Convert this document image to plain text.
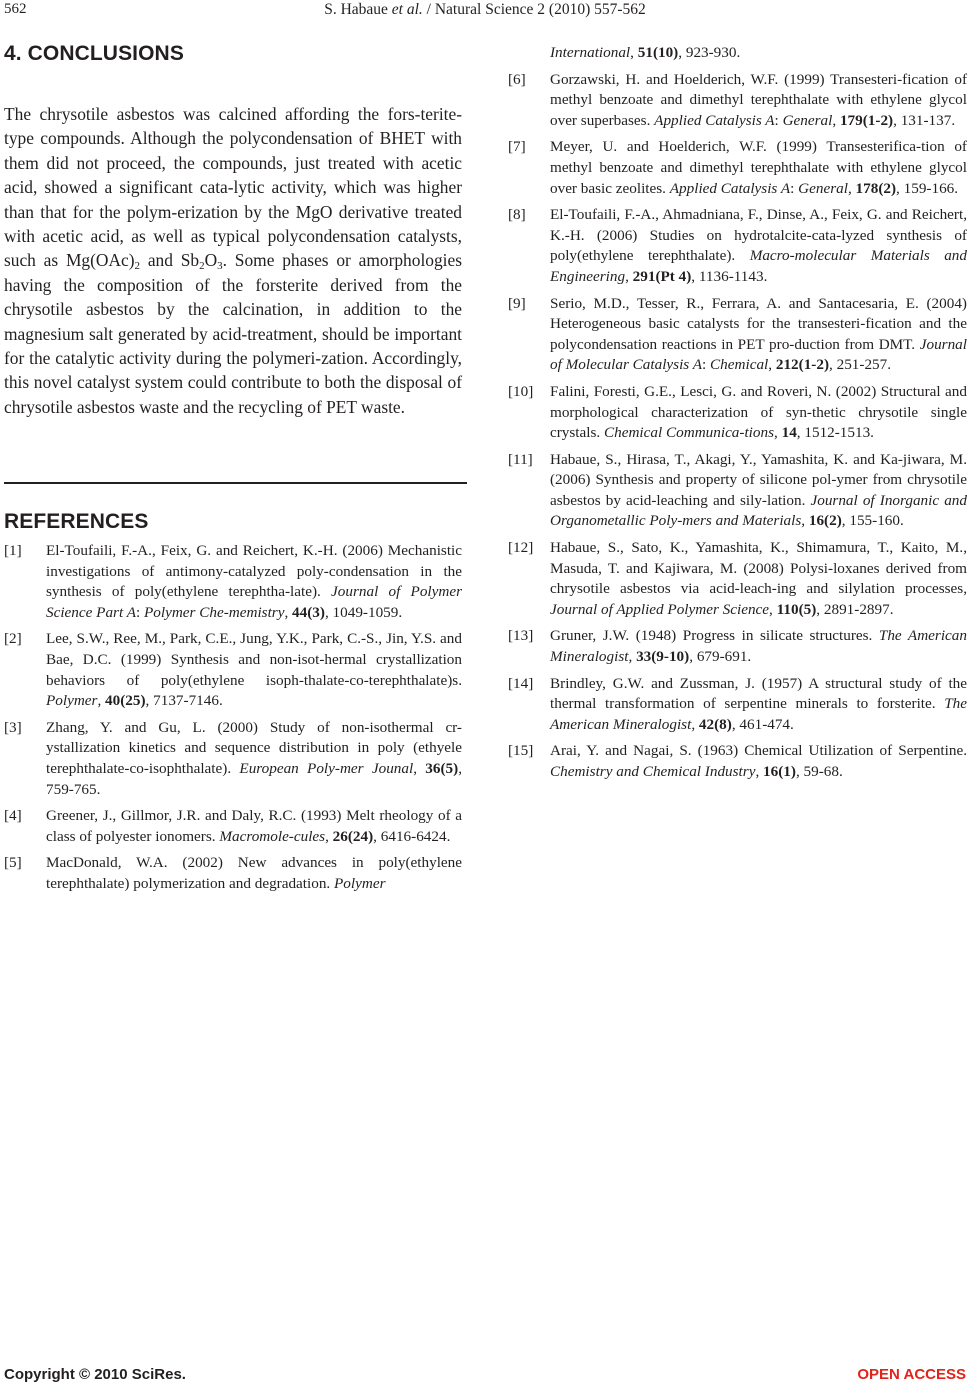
562	S. Habaue et al. / Natural Science 2 (2010) 557-562
4. CONCLUSIONS

The chrysotile asbestos was calcined affording the fors-terite-type compounds. Although the polycondensation of BHET with them did not proceed, the compounds, just treated with acetic acid, showed a significant cata-lytic activity, which was higher than that for the polym-erization by the MgO derivative treated with acetic acid, as well as typical polycondensation catalysts, such as $Mg(OAc)_2$ and $Sb_2O_3$. Some phases or amorphologies having the composition of the forsterite derived from the chrysotile asbestos by the calcination, in addition to the magnesium salt generated by acid-treatment, should be important for the catalytic activity during the polymeri-zation. Accordingly, this novel catalyst system could contribute to both the disposal of chrysotile asbestos waste and the recycling of PET waste.

REFERENCES
[1] El-Toufaili, F.-A., Feix, G. and Reichert, K.-H. (2006) Mechanistic investigations of antimony-catalyzed poly-condensation in the synthesis of poly(ethylene terephtha-late). Journal of Polymer Science Part A: Polymer Che-memistry, 44(3), 1049-1059.
[2] Lee, S.W., Ree, M., Park, C.E., Jung, Y.K., Park, C.-S., Jin, Y.S. and Bae, D.C. (1999) Synthesis and non-isot-hermal crystallization behaviors of poly(ethylene isoph-thalate-co-terephthalate)s. Polymer, 40(25), 7137-7146.
[3] Zhang, Y. and Gu, L. (2000) Study of non-isothermal cr-ystallization kinetics and sequence distribution in poly (ethyele terephthalate-co-isophthalate). European Poly-mer Jounal, 36(5), 759-765.
[4] Greener, J., Gillmor, J.R. and Daly, R.C. (1993) Melt rheology of a class of polyester ionomers. Macromole-cules, 26(24), 6416-6424.
[5] MacDonald, W.A. (2002) New advances in poly(ethylene terephthalate) polymerization and degradation. Polymer
International, 51(10), 923-930.
[6] Gorzawski, H. and Hoelderich, W.F. (1999) Transesteri-fication of methyl benzoate and dimethyl terephthalate with ethylene glycol over superbases. Applied Catalysis A: General, 179(1-2), 131-137.
[7] Meyer, U. and Hoelderich, W.F. (1999) Transesterifica-tion of methyl benzoate and dimethyl terephthalate with ethylene glycol over basic zeolites. Applied Catalysis A: General, 178(2), 159-166.
[8] El-Toufaili, F.-A., Ahmadniana, F., Dinse, A., Feix, G. and Reichert, K.-H. (2006) Studies on hydrotalcite-cata-lyzed synthesis of poly(ethylene terephthalate). Macro-molecular Materials and Engineering, 291(Pt 4), 1136-1143.
[9] Serio, M.D., Tesser, R., Ferrara, A. and Santacesaria, E. (2004) Heterogeneous basic catalysts for the transesteri-fication and the polycondensation reactions in PET pro-duction from DMT. Journal of Molecular Catalysis A: Chemical, 212(1-2), 251-257.
[10] Falini, Foresti, G.E., Lesci, G. and Roveri, N. (2002) Structural and morphological characterization of syn-thetic chrysotile single crystals. Chemical Communica-tions, 14, 1512-1513.
[11] Habaue, S., Hirasa, T., Akagi, Y., Yamashita, K. and Ka-jiwara, M. (2006) Synthesis and property of silicone pol-ymer from chrysotile asbestos by acid-leaching and sily-lation. Journal of Inorganic and Organometallic Poly-mers and Materials, 16(2), 155-160.
[12] Habaue, S., Sato, K., Yamashita, K., Shimamura, T., Kaito, M., Masuda, T. and Kajiwara, M. (2008) Polysi-loxanes derived from chrysotile asbestos via acid-leach-ing and silylation processes, Journal of Applied Polymer Science, 110(5), 2891-2897.
[13] Gruner, J.W. (1948) Progress in silicate structures. The American Mineralogist, 33(9-10), 679-691.
[14] Brindley, G.W. and Zussman, J. (1957) A structural study of the thermal transformation of serpentine minerals to forsterite. The American Mineralogist, 42(8), 461-474.
[15] Arai, Y. and Nagai, S. (1963) Chemical Utilization of Serpentine. Chemistry and Chemical Industry, 16(1), 59-68.
Copyright © 2010 SciRes.	OPEN ACCESS
